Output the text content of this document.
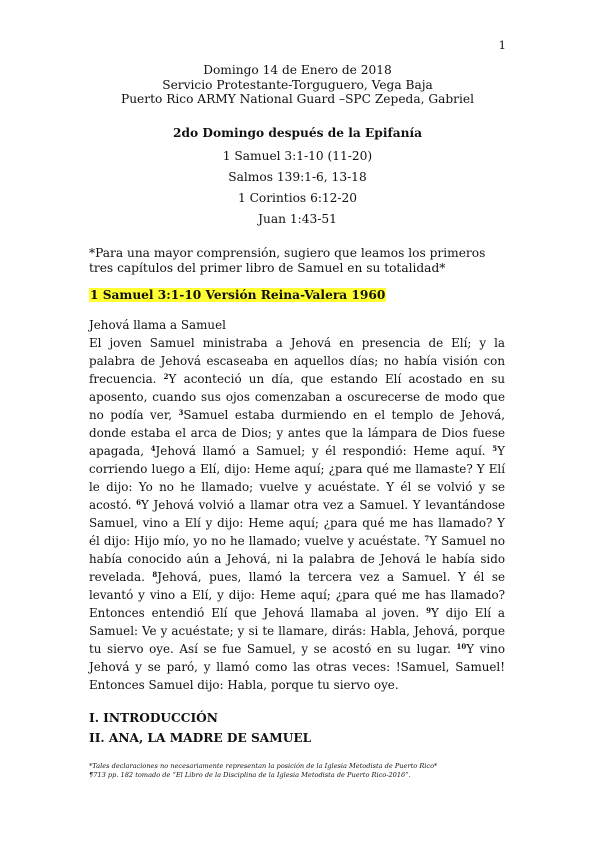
1
Domingo 14 de Enero de 2018
Servicio Protestante-Torguguero, Vega Baja
Puerto Rico ARMY National Guard –SPC Zepeda, Gabriel
2do Domingo después de la Epifanía
1 Samuel 3:1-10 (11-20)
Salmos 139:1-6, 13-18
1 Corintios 6:12-20
Juan 1:43-51
*Para una mayor comprensión, sugiero que leamos los primeros tres capítulos del primer libro de Samuel en su totalidad*
1 Samuel 3:1-10 Versión Reina-Valera 1960
Jehová llama a Samuel
El joven Samuel ministraba a Jehová en presencia de Elí; y la palabra de Jehová escaseaba en aquellos días; no había visión con frecuencia. $^2$Y aconteció un día, que estando Elí acostado en su aposento, cuando sus ojos comenzaban a oscurecerse de modo que no podía ver, $^3$Samuel estaba durmiendo en el templo de Jehová, donde estaba el arca de Dios; y antes que la lámpara de Dios fuese apagada, $^4$Jehová llamó a Samuel; y él respondió: Heme aquí. $^5$Y corriendo luego a Elí, dijo: Heme aquí; ¿para qué me llamaste? Y Elí le dijo: Yo no he llamado; vuelve y acuéstate. Y él se volvió y se acostó. $^6$Y Jehová volvió a llamar otra vez a Samuel. Y levantándose Samuel, vino a Elí y dijo: Heme aquí; ¿para qué me has llamado? Y él dijo: Hijo mío, yo no he llamado; vuelve y acuéstate. $^7$Y Samuel no había conocido aún a Jehová, ni la palabra de Jehová le había sido revelada. $^8$Jehová, pues, llamó la tercera vez a Samuel. Y él se levantó y vino a Elí, y dijo: Heme aquí; ¿para qué me has llamado? Entonces entendió Elí que Jehová llamaba al joven. $^9$Y dijo Elí a Samuel: Ve y acuéstate; y si te llamare, dirás: Habla, Jehová, porque tu siervo oye. Así se fue Samuel, y se acostó en su lugar. $^{10}$Y vino Jehová y se paró, y llamó como las otras veces: !Samuel, Samuel! Entonces Samuel dijo: Habla, porque tu siervo oye.
I. INTRODUCCIÓN
II. ANA, LA MADRE DE SAMUEL
*Tales declaraciones no necesariamente representan la posición de la Iglesia Metodista de Puerto Rico*
¶713 pp. 182 tomado de “El Libro de la Disciplina de la Iglesia Metodista de Puerto Rico-2016”.
